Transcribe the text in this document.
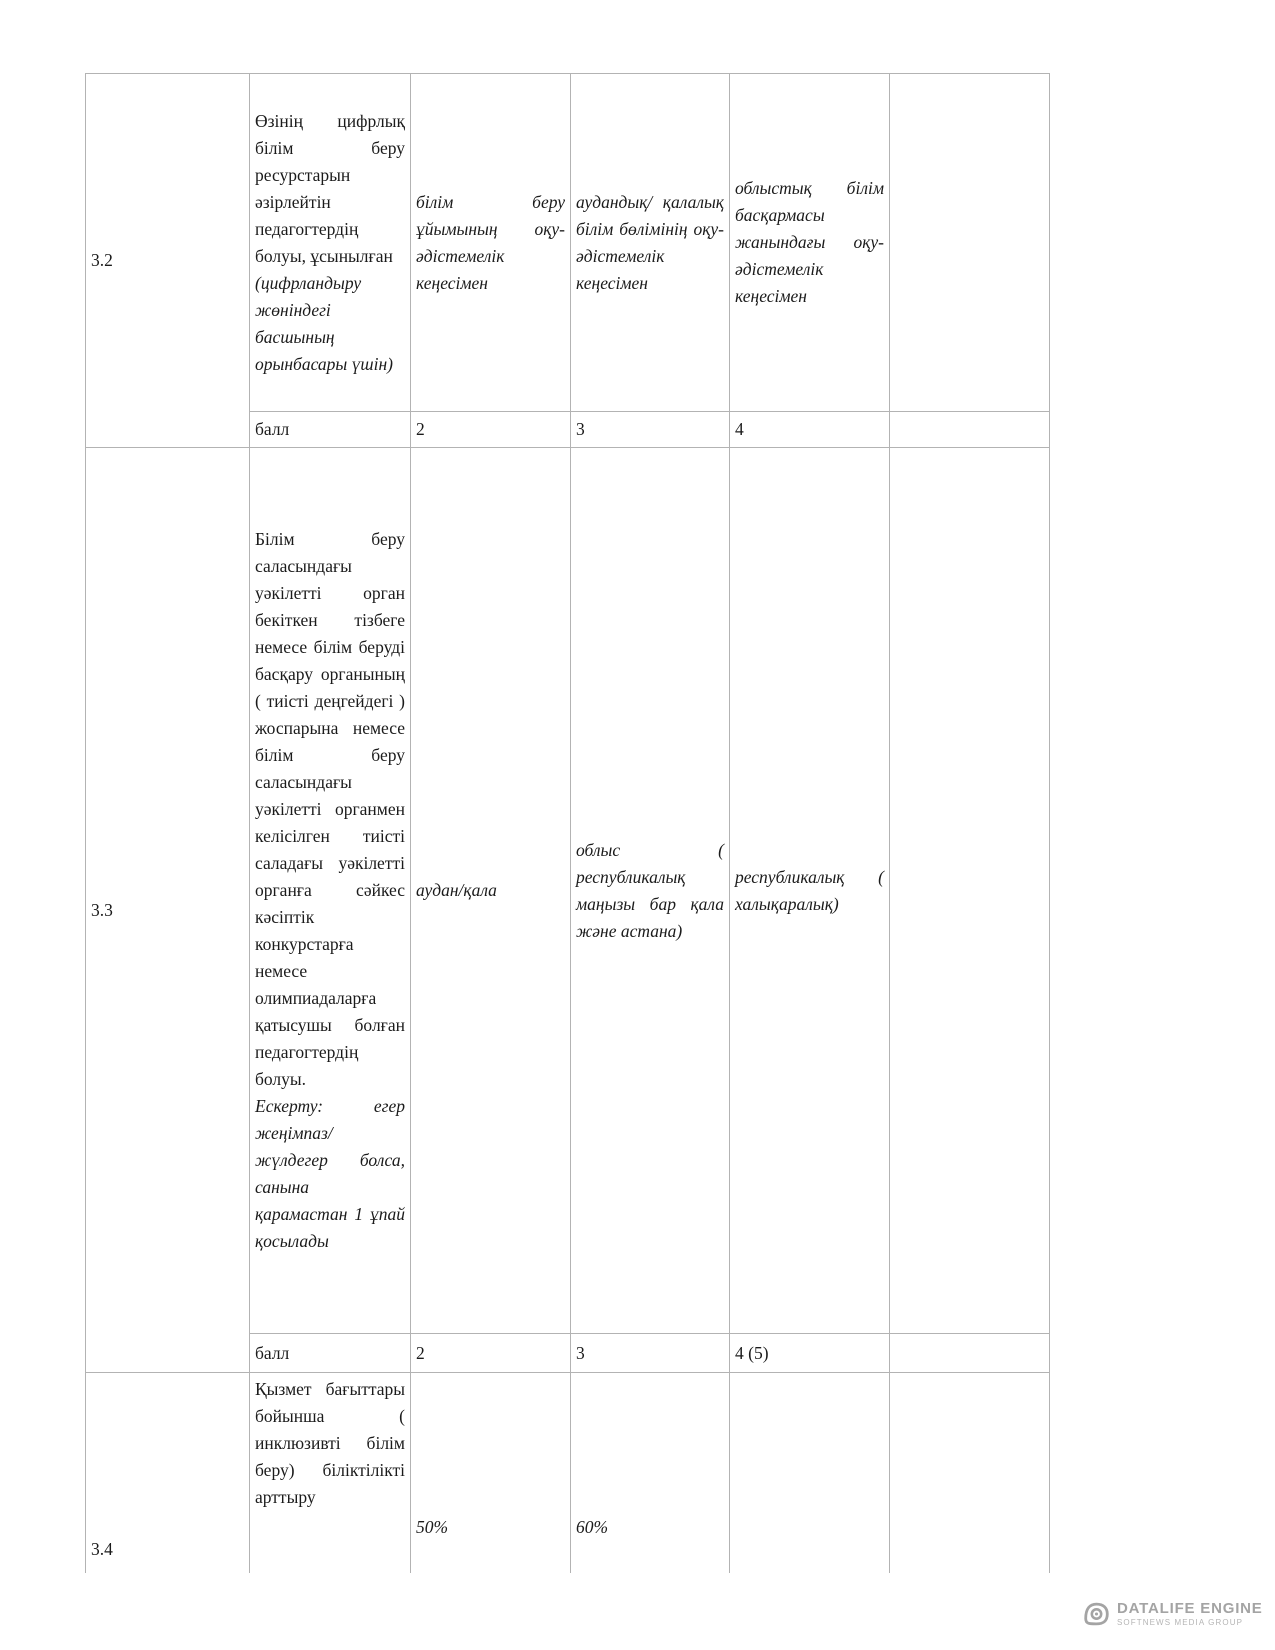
3.2	Өзінің цифрлық білім беру ресурстарын әзірлейтін педагогтердің болуы, ұсынылған
(цифрландыру жөніндегі басшының орынбасары үшін)	білім беру ұйымының оқу-әдістемелік кеңесімен	аудандық/ қалалық білім бөлімінің оқу-әдістемелік кеңесімен	облыстық білім басқармасы жанындағы оқу-әдістемелік кеңесімен	
	балл	2	3	4	
3.3	Білім беру саласындағы уәкілетті орган бекіткен тізбеге немесе білім беруді басқару органының ( тиісті деңгейдегі ) жоспарына немесе білім беру саласындағы уәкілетті органмен келісілген тиісті саладағы уәкілетті органға сәйкес кәсіптік конкурстарға немесе олимпиадаларға қатысушы болған педагогтердің болуы.
Ескерту: егер жеңімпаз/ жүлдегер болса, санына қарамастан 1 ұпай қосылады	аудан/қала	облыс ( республикалық маңызы бар қала және астана)	республикалық ( халықаралық)	
	балл	2	3	4 (5)	
3.4	Қызмет бағыттары бойынша ( инклюзивті білім беру) біліктілікті арттыру	50%	60%		
DATALIFE ENGINE
SOFTNEWS MEDIA GROUP
